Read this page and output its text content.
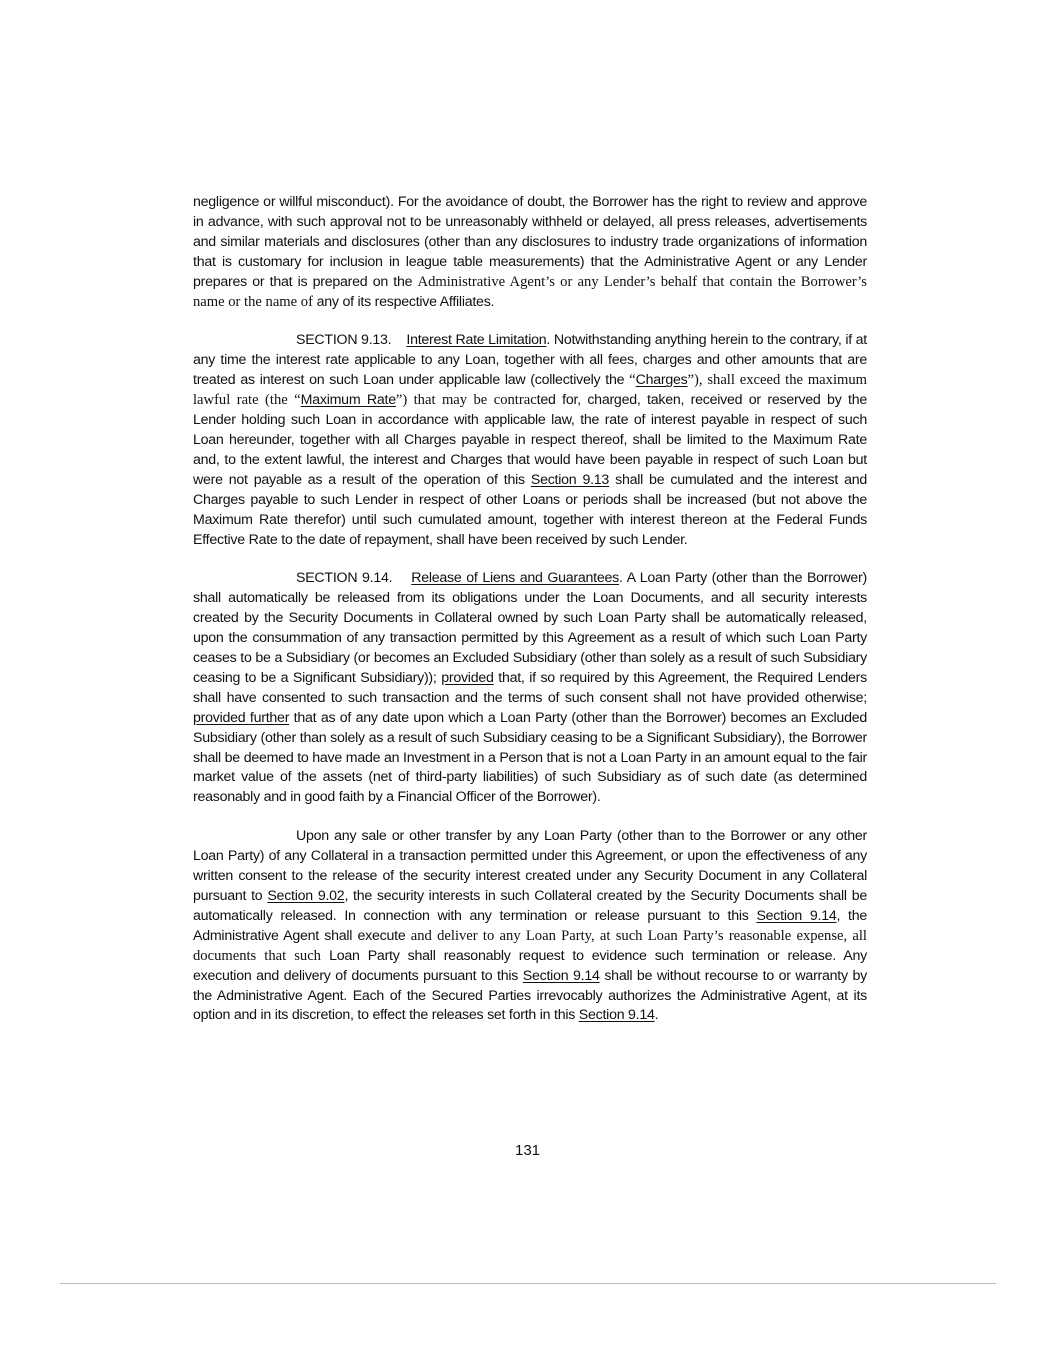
negligence or willful misconduct). For the avoidance of doubt, the Borrower has the right to review and approve in advance, with such approval not to be unreasonably withheld or delayed, all press releases, advertisements and similar materials and disclosures (other than any disclosures to industry trade organizations of information that is customary for inclusion in league table measurements) that the Administrative Agent or any Lender prepares or that is prepared on the Administrative Agent’s or any Lender’s behalf that contain the Borrower’s name or the name of any of its respective Affiliates.

SECTION 9.13. Interest Rate Limitation. Notwithstanding anything herein to the contrary, if at any time the interest rate applicable to any Loan, together with all fees, charges and other amounts that are treated as interest on such Loan under applicable law (collectively the “Charges”), shall exceed the maximum lawful rate (the “Maximum Rate”) that may be contracted for, charged, taken, received or reserved by the Lender holding such Loan in accordance with applicable law, the rate of interest payable in respect of such Loan hereunder, together with all Charges payable in respect thereof, shall be limited to the Maximum Rate and, to the extent lawful, the interest and Charges that would have been payable in respect of such Loan but were not payable as a result of the operation of this Section 9.13 shall be cumulated and the interest and Charges payable to such Lender in respect of other Loans or periods shall be increased (but not above the Maximum Rate therefor) until such cumulated amount, together with interest thereon at the Federal Funds Effective Rate to the date of repayment, shall have been received by such Lender.

SECTION 9.14. Release of Liens and Guarantees. A Loan Party (other than the Borrower) shall automatically be released from its obligations under the Loan Documents, and all security interests created by the Security Documents in Collateral owned by such Loan Party shall be automatically released, upon the consummation of any transaction permitted by this Agreement as a result of which such Loan Party ceases to be a Subsidiary (or becomes an Excluded Subsidiary (other than solely as a result of such Subsidiary ceasing to be a Significant Subsidiary)); provided that, if so required by this Agreement, the Required Lenders shall have consented to such transaction and the terms of such consent shall not have provided otherwise; provided further that as of any date upon which a Loan Party (other than the Borrower) becomes an Excluded Subsidiary (other than solely as a result of such Subsidiary ceasing to be a Significant Subsidiary), the Borrower shall be deemed to have made an Investment in a Person that is not a Loan Party in an amount equal to the fair market value of the assets (net of third-party liabilities) of such Subsidiary as of such date (as determined reasonably and in good faith by a Financial Officer of the Borrower).

Upon any sale or other transfer by any Loan Party (other than to the Borrower or any other Loan Party) of any Collateral in a transaction permitted under this Agreement, or upon the effectiveness of any written consent to the release of the security interest created under any Security Document in any Collateral pursuant to Section 9.02, the security interests in such Collateral created by the Security Documents shall be automatically released. In connection with any termination or release pursuant to this Section 9.14, the Administrative Agent shall execute and deliver to any Loan Party, at such Loan Party’s reasonable expense, all documents that such Loan Party shall reasonably request to evidence such termination or release. Any execution and delivery of documents pursuant to this Section 9.14 shall be without recourse to or warranty by the Administrative Agent. Each of the Secured Parties irrevocably authorizes the Administrative Agent, at its option and in its discretion, to effect the releases set forth in this Section 9.14.

131
